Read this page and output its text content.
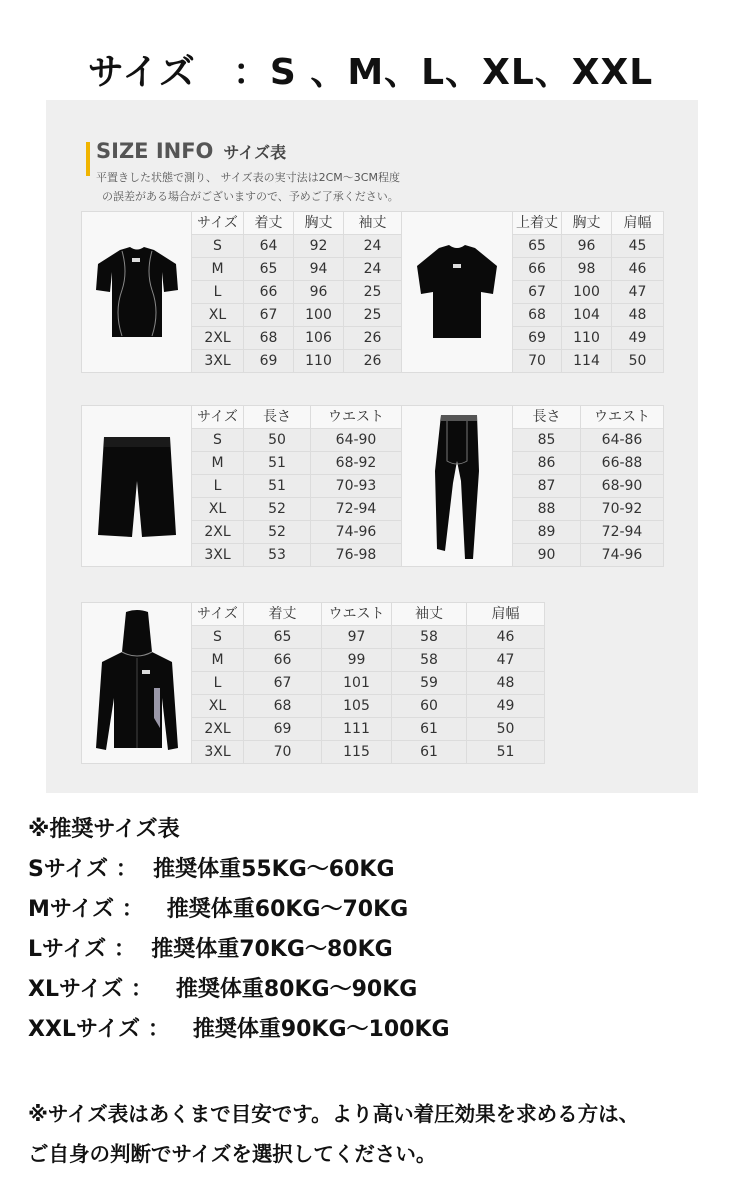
サイズ　：S 、M、L、XL、XXL
SIZE INFO サイズ表
平置きした状態で測り、 サイズ表の実寸法は2CM～3CM程度
の誤差がある場合がございますので、予めご了承ください。
	サイズ	着丈	胸丈	袖丈		上着丈	胸丈	肩幅
	S	64	92	24		65	96	45
	M	65	94	24		66	98	46
	L	66	96	25		67	100	47
	XL	67	100	25		68	104	48
	2XL	68	106	26		69	110	49
	3XL	69	110	26		70	114	50
	サイズ	長さ	ウエスト		長さ	ウエスト
	S	50	64-90		85	64-86
	M	51	68-92		86	66-88
	L	51	70-93		87	68-90
	XL	52	72-94		88	70-92
	2XL	52	74-96		89	72-94
	3XL	53	76-98		90	74-96
	サイズ	着丈	ウエスト	袖丈	肩幅
	S	65	97	58	46
	M	66	99	58	47
	L	67	101	59	48
	XL	68	105	60	49
	2XL	69	111	61	50
	3XL	70	115	61	51
※推奨サイズ表
Sサイズ ：  推奨体重55KG～60KG
Mサイズ ：   推奨体重60KG～70KG
Lサイズ ：  推奨体重70KG～80KG
XLサイズ ：   推奨体重80KG～90KG
XXLサイズ ：   推奨体重90KG～100KG
※サイズ表はあくまで目安です。より高い着圧効果を求める方は、
ご自身の判断でサイズを選択してください。
